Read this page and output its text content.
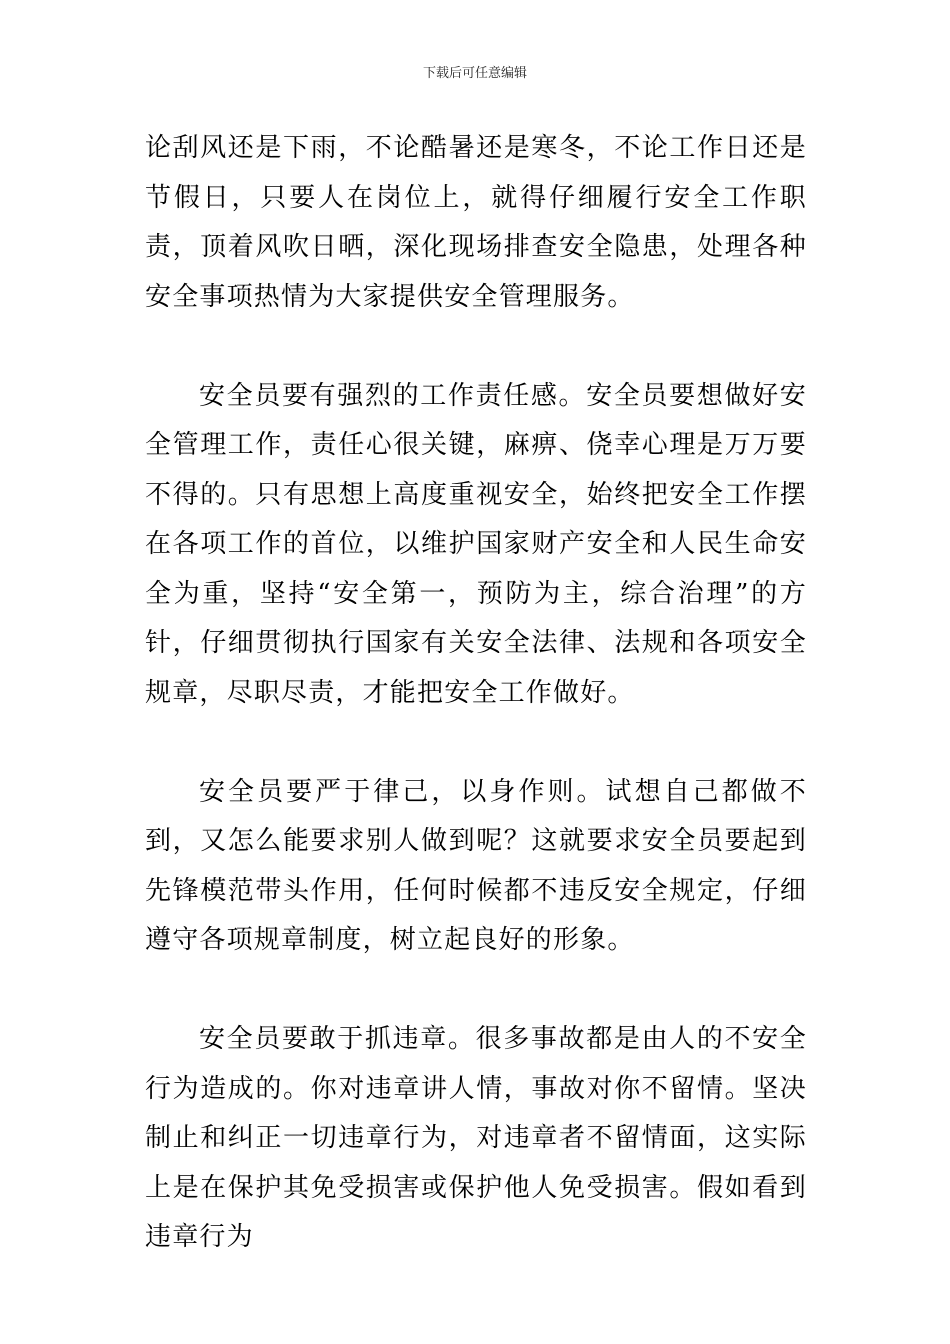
下载后可任意编辑

论刮风还是下雨，不论酷暑还是寒冬，不论工作日还是节假日，只要人在岗位上，就得仔细履行安全工作职责，顶着风吹日晒，深化现场排查安全隐患，处理各种安全事项热情为大家提供安全管理服务。

安全员要有强烈的工作责任感。安全员要想做好安全管理工作，责任心很关键，麻痹、侥幸心理是万万要不得的。只有思想上高度重视安全，始终把安全工作摆在各项工作的首位，以维护国家财产安全和人民生命安全为重，坚持“安全第一，预防为主，综合治理”的方针，仔细贯彻执行国家有关安全法律、法规和各项安全规章，尽职尽责，才能把安全工作做好。

安全员要严于律己，以身作则。试想自己都做不到，又怎么能要求别人做到呢？这就要求安全员要起到先锋模范带头作用，任何时候都不违反安全规定，仔细遵守各项规章制度，树立起良好的形象。

安全员要敢于抓违章。很多事故都是由人的不安全行为造成的。你对违章讲人情，事故对你不留情。坚决制止和纠正一切违章行为，对违章者不留情面，这实际上是在保护其免受损害或保护他人免受损害。假如看到违章行为
